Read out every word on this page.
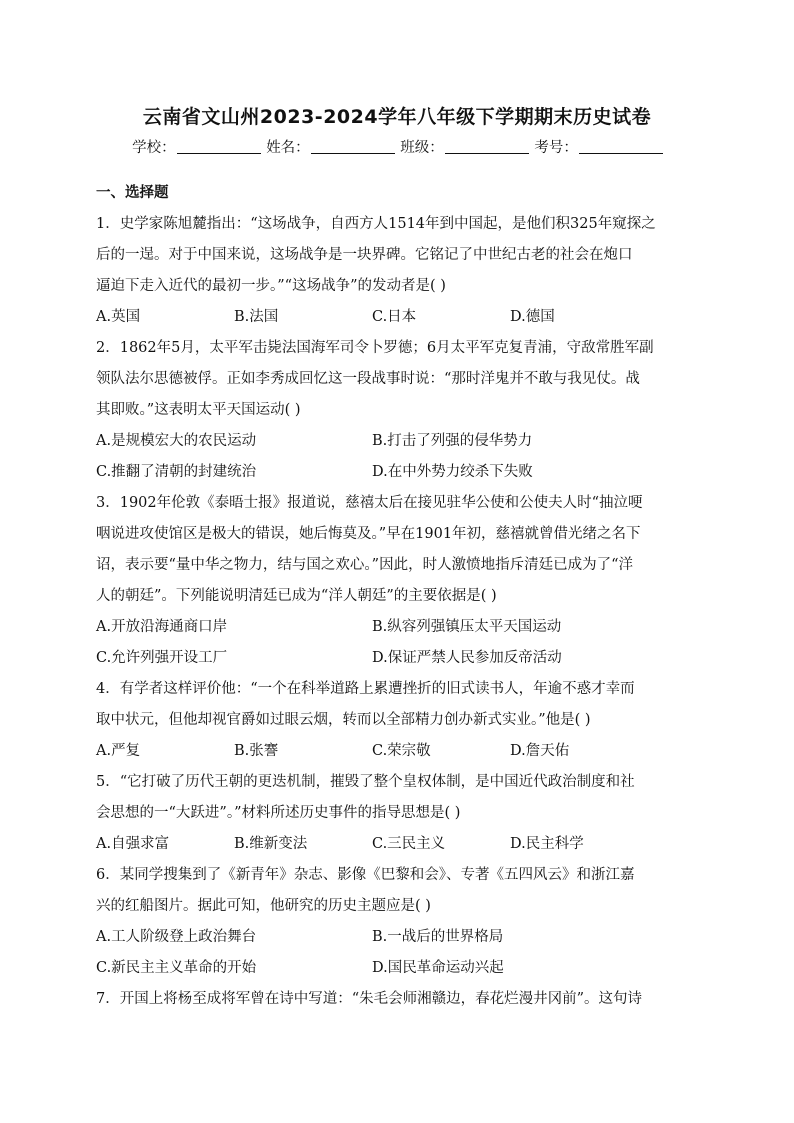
云南省文山州2023-2024学年八年级下学期期末历史试卷
学校：	姓名：	班级：	考号：
一、选择题
1．史学家陈旭麓指出：“这场战争，自西方人1514年到中国起，是他们积325年窥探之
后的一逞。对于中国来说，这场战争是一块界碑。它铭记了中世纪古老的社会在炮口
逼迫下走入近代的最初一步。”“这场战争”的发动者是( )
A.英国	B.法国	C.日本	D.德国
2．1862年5月，太平军击毙法国海军司令卜罗德；6月太平军克复青浦，守敌常胜军副
领队法尔思德被俘。正如李秀成回忆这一段战事时说：“那时洋鬼并不敢与我见仗。战
其即败。”这表明太平天国运动( )
A.是规模宏大的农民运动	B.打击了列强的侵华势力
C.推翻了清朝的封建统治	D.在中外势力绞杀下失败
3．1902年伦敦《泰晤士报》报道说，慈禧太后在接见驻华公使和公使夫人时“抽泣哽
咽说进攻使馆区是极大的错误，她后悔莫及。”早在1901年初，慈禧就曾借光绪之名下
诏，表示要“量中华之物力，结与国之欢心。”因此，时人激愤地指斥清廷已成为了“洋
人的朝廷”。下列能说明清廷已成为“洋人朝廷”的主要依据是( )
A.开放沿海通商口岸	B.纵容列强镇压太平天国运动
C.允许列强开设工厂	D.保证严禁人民参加反帝活动
4．有学者这样评价他：“一个在科举道路上累遭挫折的旧式读书人，年逾不惑才幸而
取中状元，但他却视官爵如过眼云烟，转而以全部精力创办新式实业。”他是( )
A.严复	B.张謇	C.荣宗敬	D.詹天佑
5．“它打破了历代王朝的更迭机制，摧毁了整个皇权体制，是中国近代政治制度和社
会思想的一“大跃进”。”材料所述历史事件的指导思想是( )
A.自强求富	B.维新变法	C.三民主义	D.民主科学
6．某同学搜集到了《新青年》杂志、影像《巴黎和会》、专著《五四风云》和浙江嘉
兴的红船图片。据此可知，他研究的历史主题应是( )
A.工人阶级登上政治舞台	B.一战后的世界格局
C.新民主主义革命的开始	D.国民革命运动兴起
7．开国上将杨至成将军曾在诗中写道：“朱毛会师湘赣边，春花烂漫井冈前”。这句诗
